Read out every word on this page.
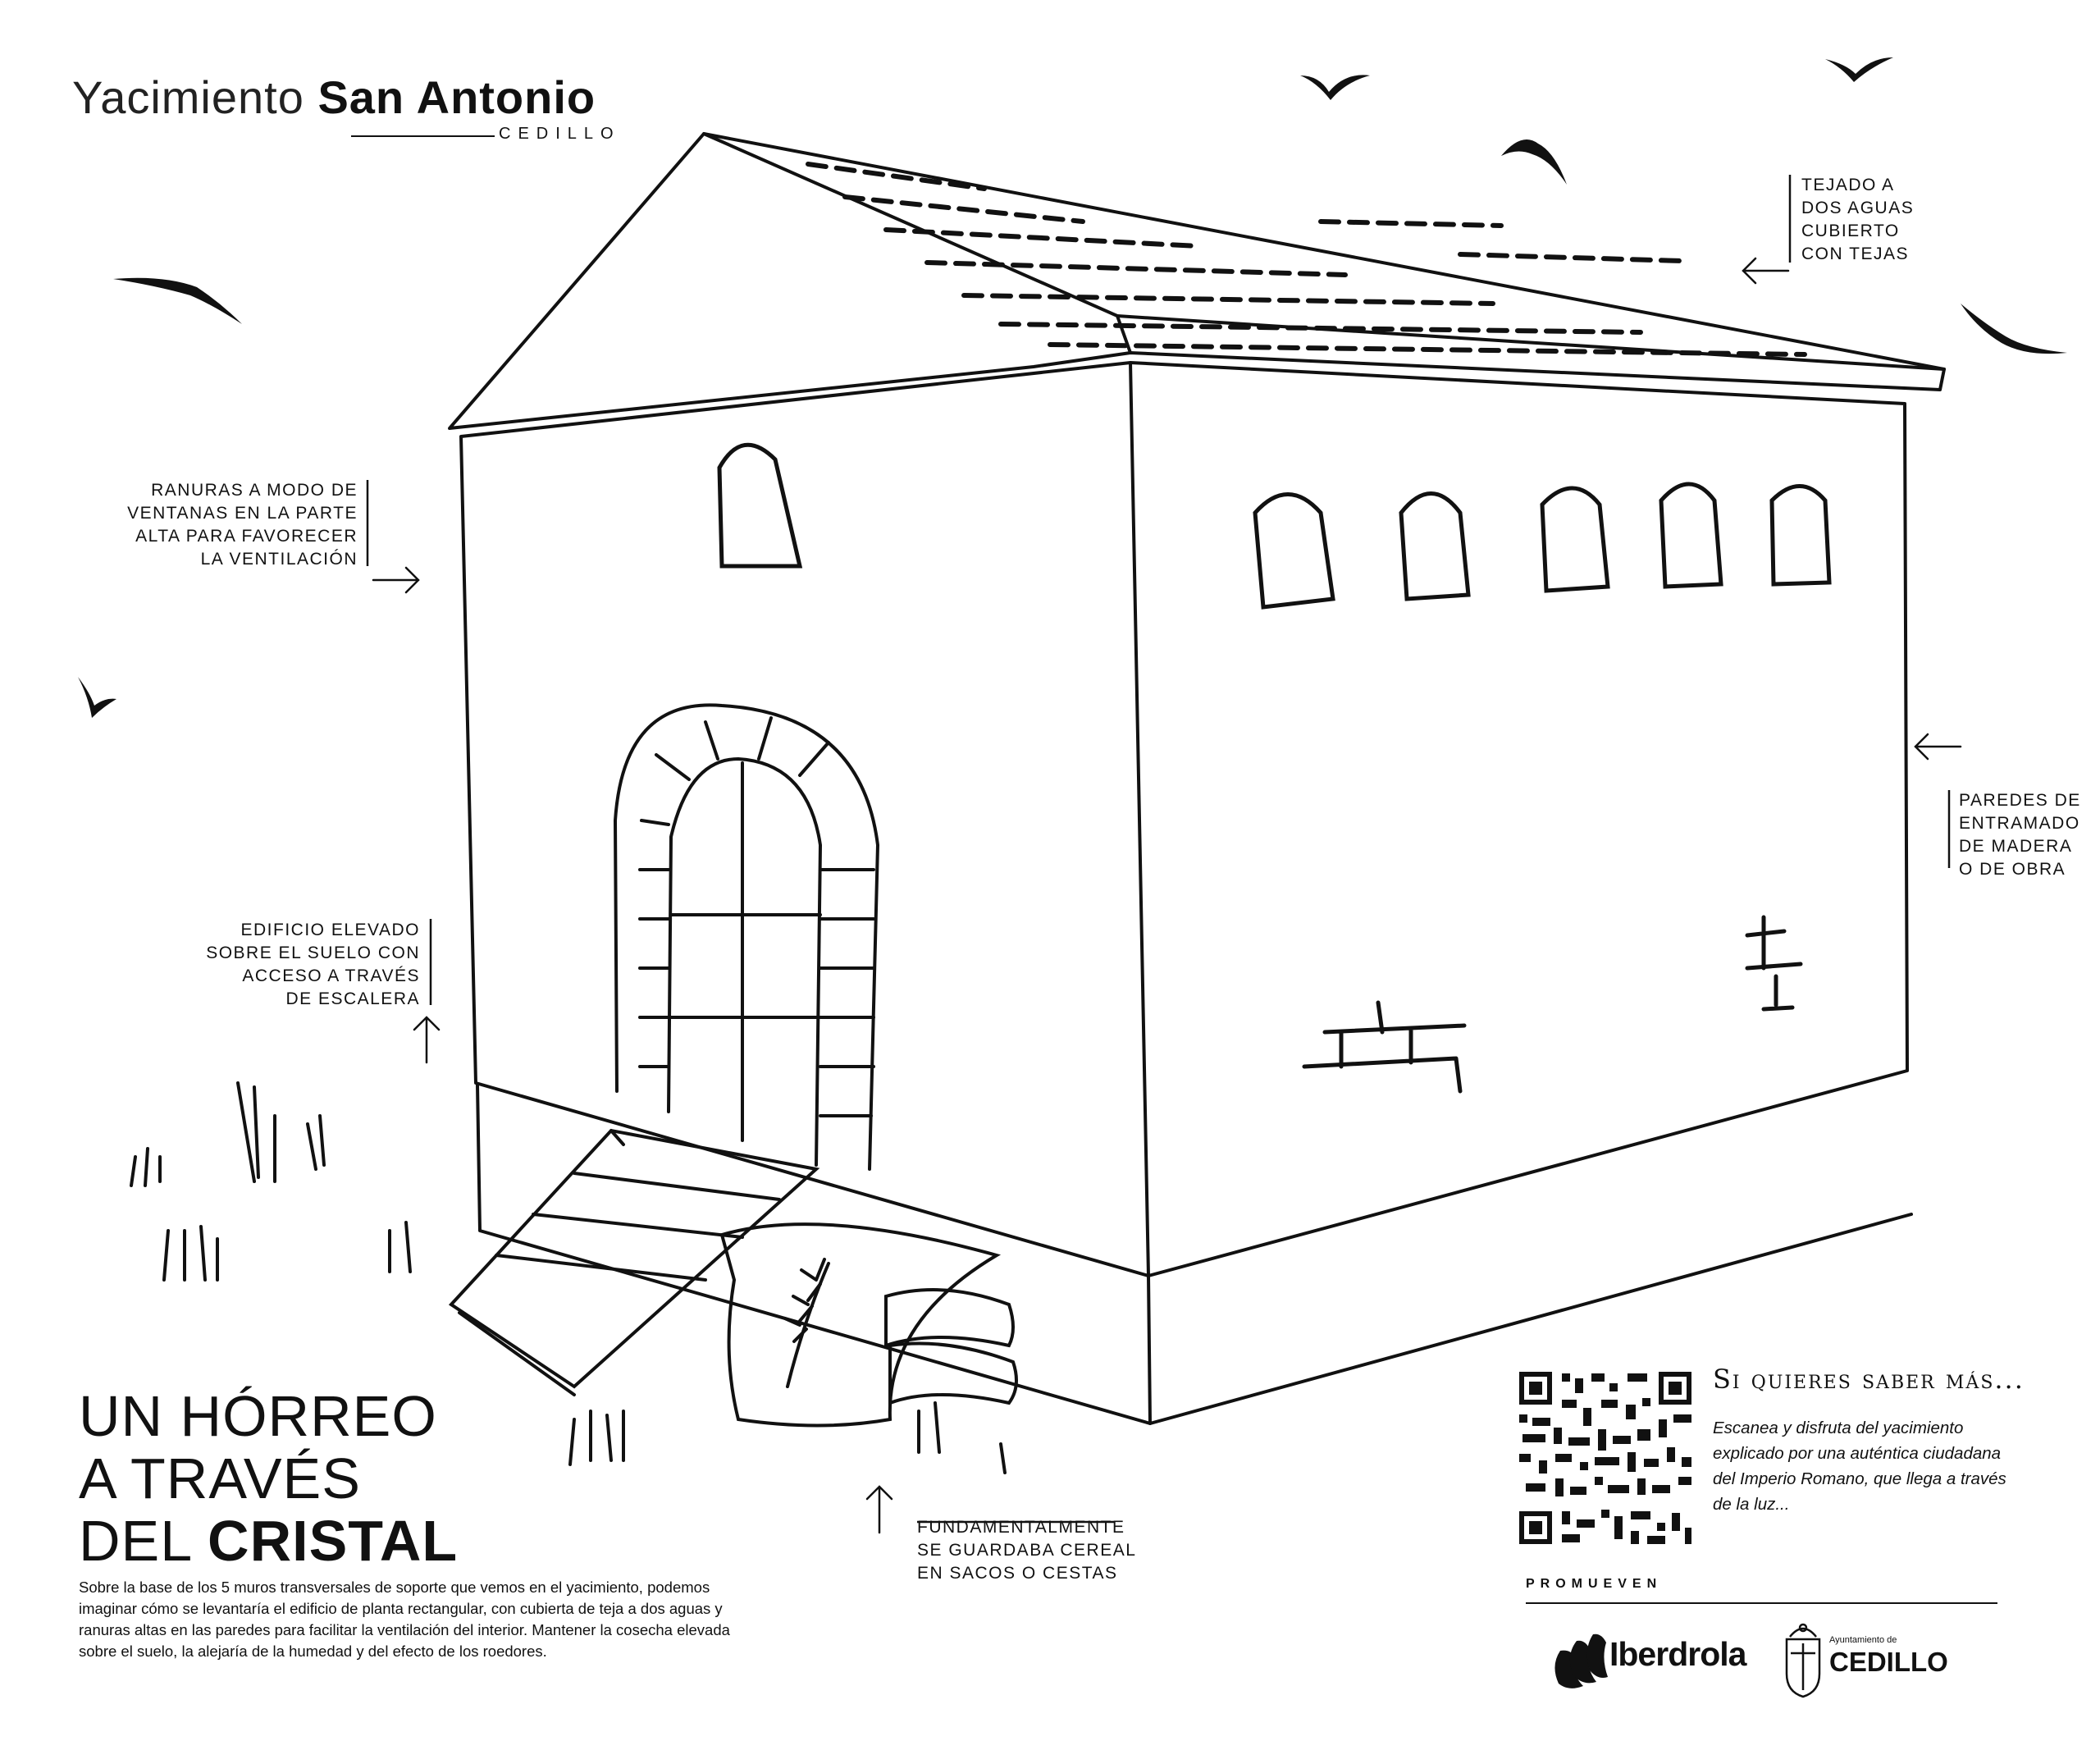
Yacimiento San Antonio
CEDILLO
TEJADO A
DOS AGUAS
CUBIERTO
CON TEJAS
RANURAS A MODO DE
VENTANAS EN LA PARTE
ALTA PARA FAVORECER
LA VENTILACIÓN
PAREDES DE
ENTRAMADO
DE MADERA
O DE OBRA
EDIFICIO ELEVADO
SOBRE EL SUELO CON
ACCESO A TRAVÉS
DE ESCALERA
FUNDAMENTALMENTE
SE GUARDABA CEREAL
EN SACOS O CESTAS
UN HÓRREO
A TRAVÉS
DEL CRISTAL
Sobre la base de los 5 muros transversales de soporte que vemos en el yacimiento, podemos imaginar cómo se levantaría el edificio de planta rectangular, con cubierta de teja a dos aguas y ranuras altas en las paredes para facilitar la ventilación del interior. Mantener la cosecha elevada sobre el suelo, la alejaría de la humedad y del efecto de los roedores.
Si quieres saber más...
Escanea y disfruta del yacimiento explicado por una auténtica ciudadana del Imperio Romano, que llega a través de la luz...
PROMUEVEN
Iberdrola	Ayuntamiento de
CEDILLO
